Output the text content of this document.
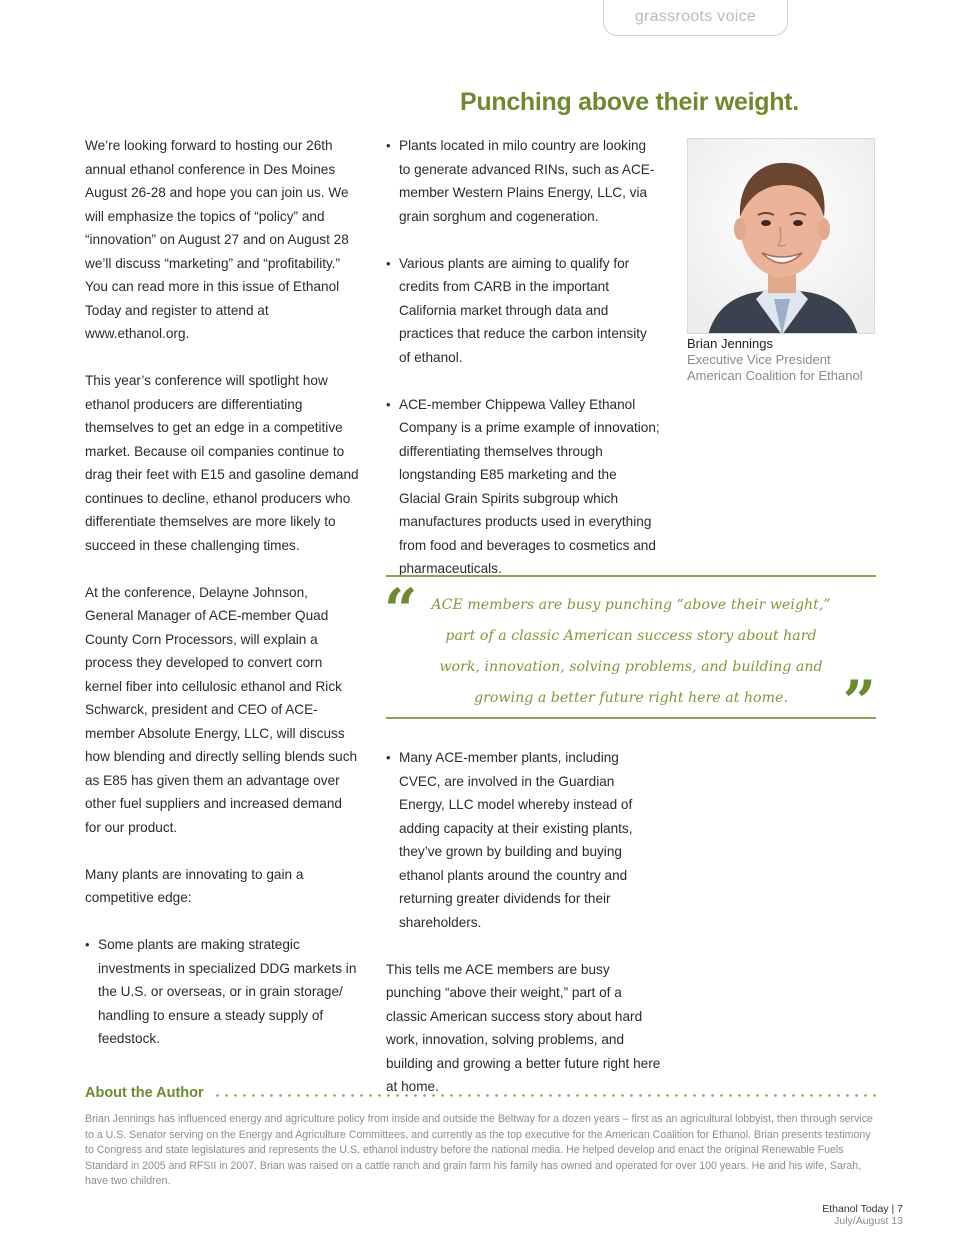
grassroots voice
Punching above their weight.

We’re looking forward to hosting our 26th annual ethanol conference in Des Moines August 26-28 and hope you can join us. We will emphasize the topics of “policy” and “innovation” on August 27 and on August 28 we’ll discuss “marketing” and “profitability.” You can read more in this issue of Ethanol Today and register to attend at www.ethanol.org.

This year’s conference will spotlight how ethanol producers are differentiating themselves to get an edge in a competitive market. Because oil companies continue to drag their feet with E15 and gasoline demand continues to decline, ethanol producers who differentiate themselves are more likely to succeed in these challenging times.

At the conference, Delayne Johnson, General Manager of ACE-member Quad County Corn Processors, will explain a process they developed to convert corn kernel fiber into cellulosic ethanol and Rick Schwarck, president and CEO of ACE-member Absolute Energy, LLC, will discuss how blending and directly selling blends such as E85 has given them an advantage over other fuel suppliers and increased demand for our product.

Many plants are innovating to gain a competitive edge:

• Some plants are making strategic investments in specialized DDG markets in the U.S. or overseas, or in grain storage/ handling to ensure a steady supply of feedstock.
• Plants located in milo country are looking to generate advanced RINs, such as ACE-member Western Plains Energy, LLC, via grain sorghum and cogeneration.
• Various plants are aiming to qualify for credits from CARB in the important California market through data and practices that reduce the carbon intensity of ethanol.
• ACE-member Chippewa Valley Ethanol Company is a prime example of innovation; differentiating themselves through longstanding E85 marketing and the Glacial Grain Spirits subgroup which manufactures products used in everything from food and beverages to cosmetics and pharmaceuticals.
Brian Jennings
Executive Vice President
American Coalition for Ethanol
“ ACE members are busy punching “above their weight,” part of a classic American success story about hard work, innovation, solving problems, and building and growing a better future right here at home. ”
• Many ACE-member plants, including CVEC, are involved in the Guardian Energy, LLC model whereby instead of adding capacity at their existing plants, they’ve grown by building and buying ethanol plants around the country and returning greater dividends for their shareholders.

This tells me ACE members are busy punching “above their weight,” part of a classic American success story about hard work, innovation, solving problems, and building and growing a better future right here at home.

About the Author
Brian Jennings has influenced energy and agriculture policy from inside and outside the Beltway for a dozen years – first as an agricultural lobbyist, then through service to a U.S. Senator serving on the Energy and Agriculture Committees, and currently as the top executive for the American Coalition for Ethanol. Brian presents testimony to Congress and state legislatures and represents the U.S. ethanol industry before the national media. He helped develop and enact the original Renewable Fuels Standard in 2005 and RFSII in 2007. Brian was raised on a cattle ranch and grain farm his family has owned and operated for over 100 years. He and his wife, Sarah, have two children.
Ethanol Today | 7
July/August 13
